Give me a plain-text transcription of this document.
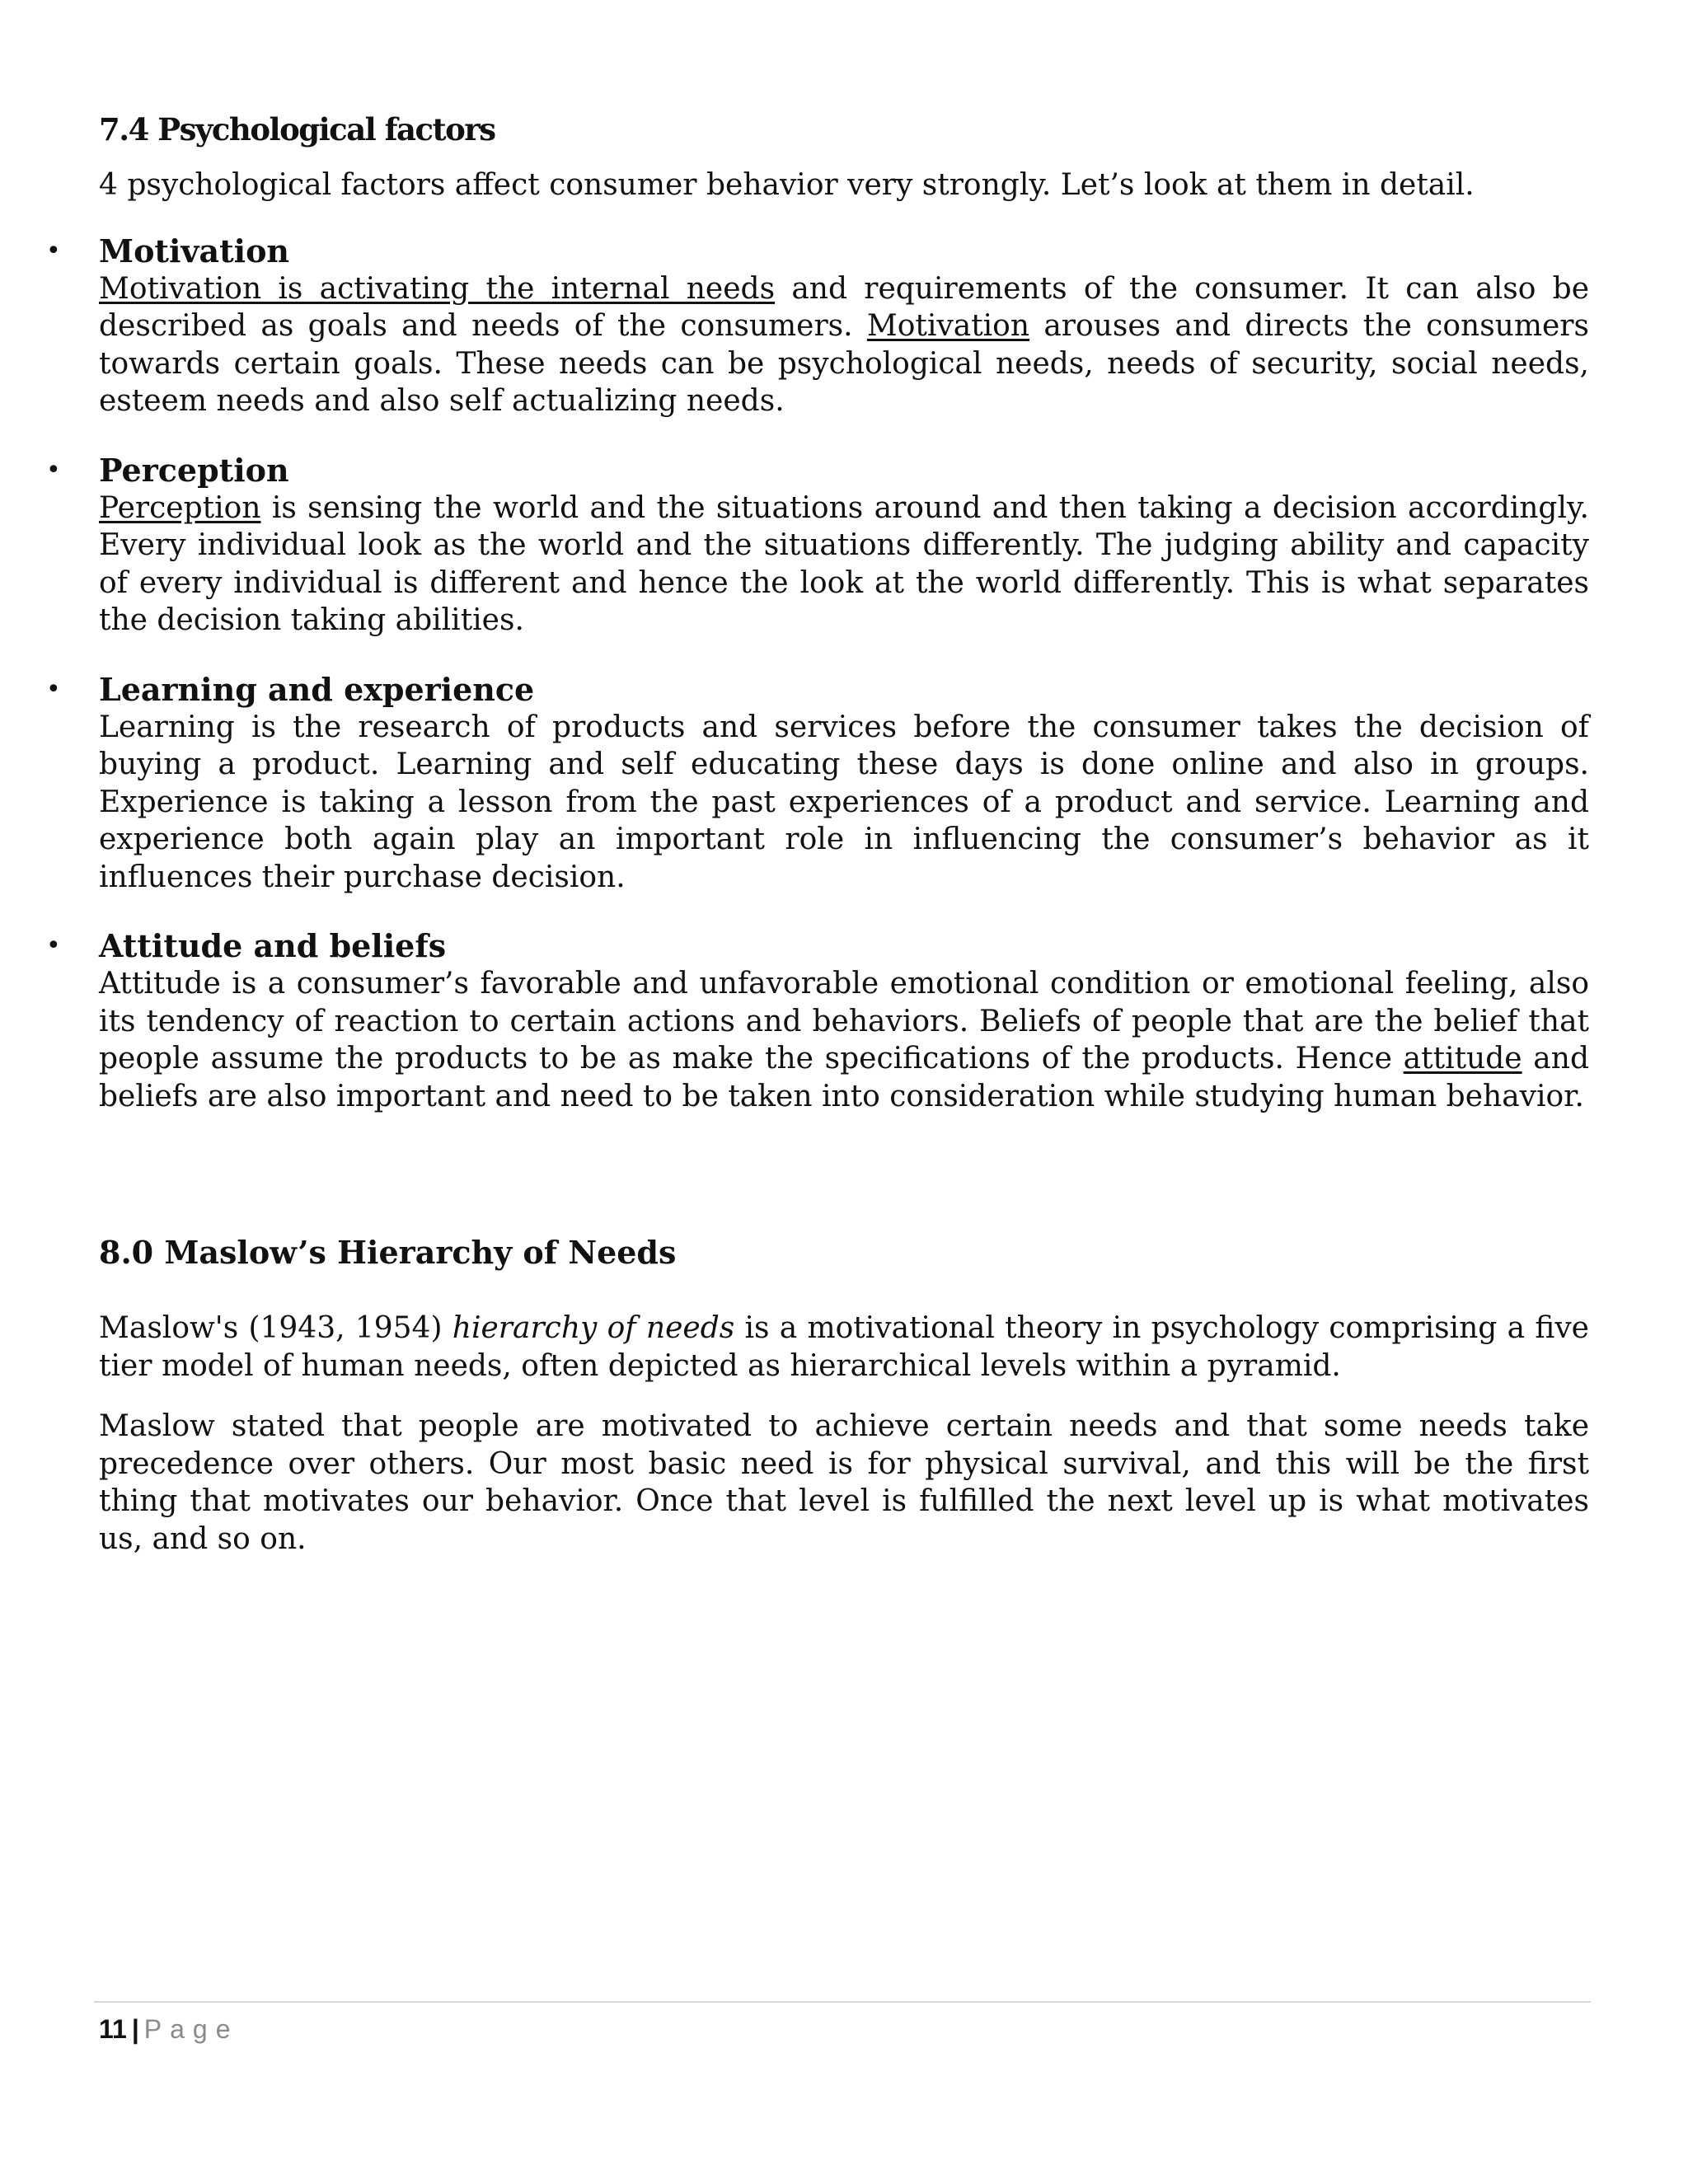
7.4 Psychological factors

4 psychological factors affect consumer behavior very strongly. Let’s look at them in detail.

• Motivation
Motivation is activating the internal needs and requirements of the consumer. It can also be described as goals and needs of the consumers. Motivation arouses and directs the consumers towards certain goals. These needs can be psychological needs, needs of security, social needs, esteem needs and also self actualizing needs.
• Perception
Perception is sensing the world and the situations around and then taking a decision accordingly. Every individual look as the world and the situations differently. The judging ability and capacity of every individual is different and hence the look at the world differently. This is what separates the decision taking abilities.
• Learning and experience
Learning is the research of products and services before the consumer takes the decision of buying a product. Learning and self educating these days is done online and also in groups. Experience is taking a lesson from the past experiences of a product and service. Learning and experience both again play an important role in influencing the consumer’s behavior as it influences their purchase decision.
• Attitude and beliefs
Attitude is a consumer’s favorable and unfavorable emotional condition or emotional feeling, also its tendency of reaction to certain actions and behaviors. Beliefs of people that are the belief that people assume the products to be as make the specifications of the products. Hence attitude and beliefs are also important and need to be taken into consideration while studying human behavior.
8.0 Maslow’s Hierarchy of Needs

Maslow's (1943, 1954) hierarchy of needs is a motivational theory in psychology comprising a five tier model of human needs, often depicted as hierarchical levels within a pyramid.

Maslow stated that people are motivated to achieve certain needs and that some needs take precedence over others. Our most basic need is for physical survival, and this will be the first thing that motivates our behavior. Once that level is fulfilled the next level up is what motivates us, and so on.

11 | Page
